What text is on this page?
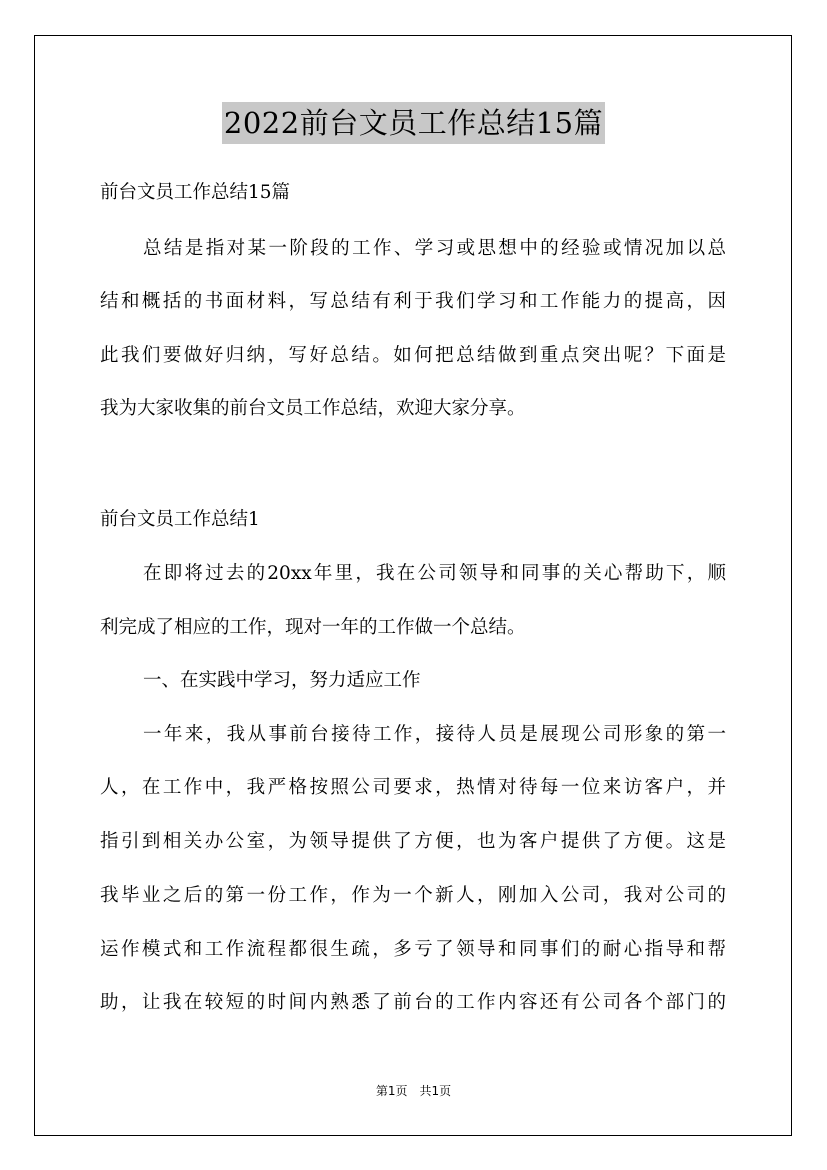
2022前台文员工作总结15篇
前台文员工作总结15篇
总结是指对某一阶段的工作、学习或思想中的经验或情况加以总
结和概括的书面材料，写总结有利于我们学习和工作能力的提高，因
此我们要做好归纳，写好总结。如何把总结做到重点突出呢？下面是
我为大家收集的前台文员工作总结，欢迎大家分享。
前台文员工作总结1
在即将过去的20xx年里，我在公司领导和同事的关心帮助下，顺
利完成了相应的工作，现对一年的工作做一个总结。
一、在实践中学习，努力适应工作
一年来，我从事前台接待工作，接待人员是展现公司形象的第一
人，在工作中，我严格按照公司要求，热情对待每一位来访客户，并
指引到相关办公室，为领导提供了方便，也为客户提供了方便。这是
我毕业之后的第一份工作，作为一个新人，刚加入公司，我对公司的
运作模式和工作流程都很生疏，多亏了领导和同事们的耐心指导和帮
助，让我在较短的时间内熟悉了前台的工作内容还有公司各个部门的
第1页　共1页
